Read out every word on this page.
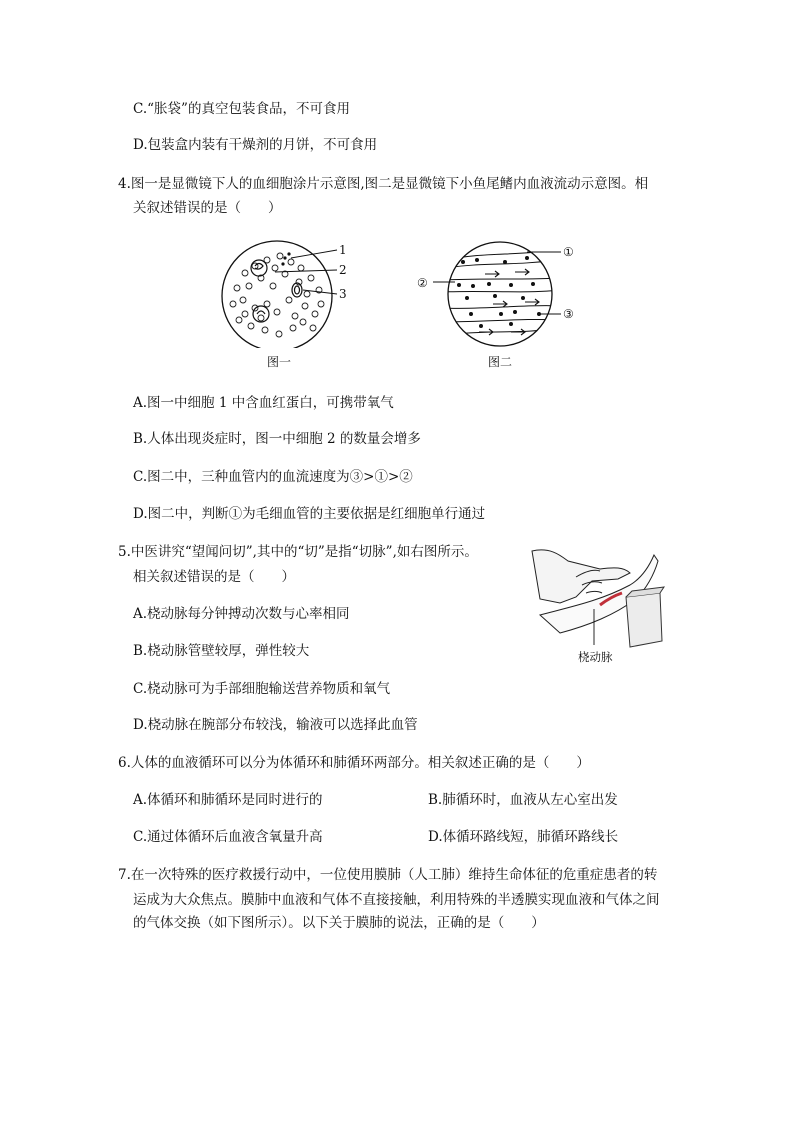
C.“胀袋”的真空包装食品，不可食用
D.包装盒内装有干燥剂的月饼，不可食用
4.图一是显微镜下人的血细胞涂片示意图,图二是显微镜下小鱼尾鳍内血液流动示意图。相
关叙述错误的是（　　）
1
2
3
图一
①
②
③
图二
A.图一中细胞 1 中含血红蛋白，可携带氧气
B.人体出现炎症时，图一中细胞 2 的数量会增多
C.图二中，三种血管内的血流速度为③>①>②
D.图二中，判断①为毛细血管的主要依据是红细胞单行通过
5.中医讲究“望闻问切”,其中的“切”是指“切脉”,如右图所示。
相关叙述错误的是（　　）
桡动脉
A.桡动脉每分钟搏动次数与心率相同
B.桡动脉管壁较厚，弹性较大
C.桡动脉可为手部细胞输送营养物质和氧气
D.桡动脉在腕部分布较浅，输液可以选择此血管
6.人体的血液循环可以分为体循环和肺循环两部分。相关叙述正确的是（　　）
A.体循环和肺循环是同时进行的	B.肺循环时，血液从左心室出发
C.通过体循环后血液含氧量升高	D.体循环路线短，肺循环路线长
7.在一次特殊的医疗救援行动中，一位使用膜肺（人工肺）维持生命体征的危重症患者的转
运成为大众焦点。膜肺中血液和气体不直接接触，利用特殊的半透膜实现血液和气体之间
的气体交换（如下图所示）。以下关于膜肺的说法，正确的是（　　）
